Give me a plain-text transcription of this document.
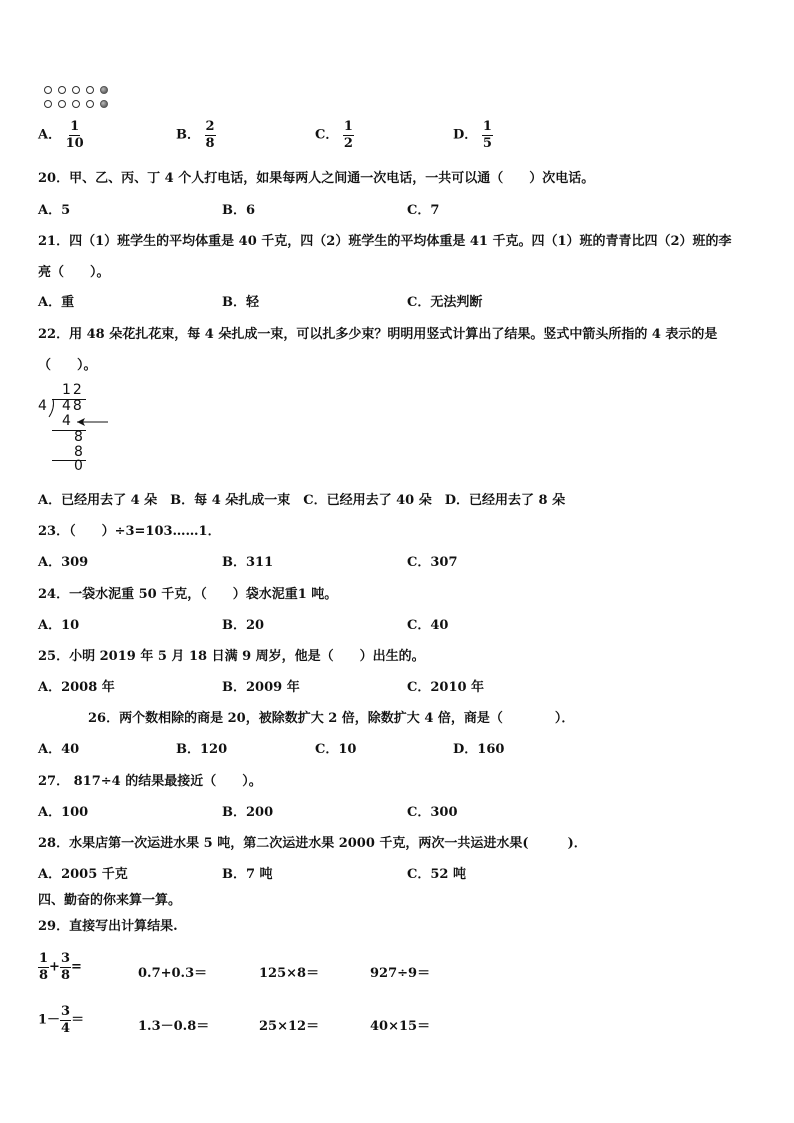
A． $\frac{1}{10}$	B． $\frac{2}{8}$	C． $\frac{1}{2}$	D． $\frac{1}{5}$
20．甲、乙、丙、丁 4 个人打电话，如果每两人之间通一次电话，一共可以通（　　）次电话。
A．5	B．6	C．7
21．四（1）班学生的平均体重是 40 千克，四（2）班学生的平均体重是 41 千克。四（1）班的青青比四（2）班的李
亮（　　）。
A．重	B．轻	C．无法判断
22．用 48 朵花扎花束，每 4 朵扎成一束，可以扎多少束？明明用竖式计算出了结果。竖式中箭头所指的 4 表示的是
（　　）。
12
4 48
4
8
8
0
A．已经用去了 4 朵　B．每 4 朵扎成一束　C．已经用去了 40 朵　D．已经用去了 8 朵
23．（　　）÷3=103……1．
A．309	B．311	C．307
24．一袋水泥重 50 千克，（　　）袋水泥重1 吨。
A．10	B．20	C．40
25．小明 2019 年 5 月 18 日满 9 周岁，他是（　　）出生的。
A．2008 年	B．2009 年	C．2010 年
26．两个数相除的商是 20，被除数扩大 2 倍，除数扩大 4 倍，商是（　　　　）．
A．40	B．120	C．10	D．160
27． 817÷4 的结果最接近（　　）。
A．100	B．200	C．300
28．水果店第一次运进水果 5 吨，第二次运进水果 2000 千克，两次一共运进水果(　　　)．
A．2005 千克	B．7 吨	C．52 吨
四、勤奋的你来算一算。
29．直接写出计算结果.
$\frac{1}{8} + \frac{3}{8}$ =	0.7+0.3＝	125×8＝	927÷9＝
$1- \frac{3}{4}$ ＝	1.3－0.8＝	25×12＝	40×15＝
